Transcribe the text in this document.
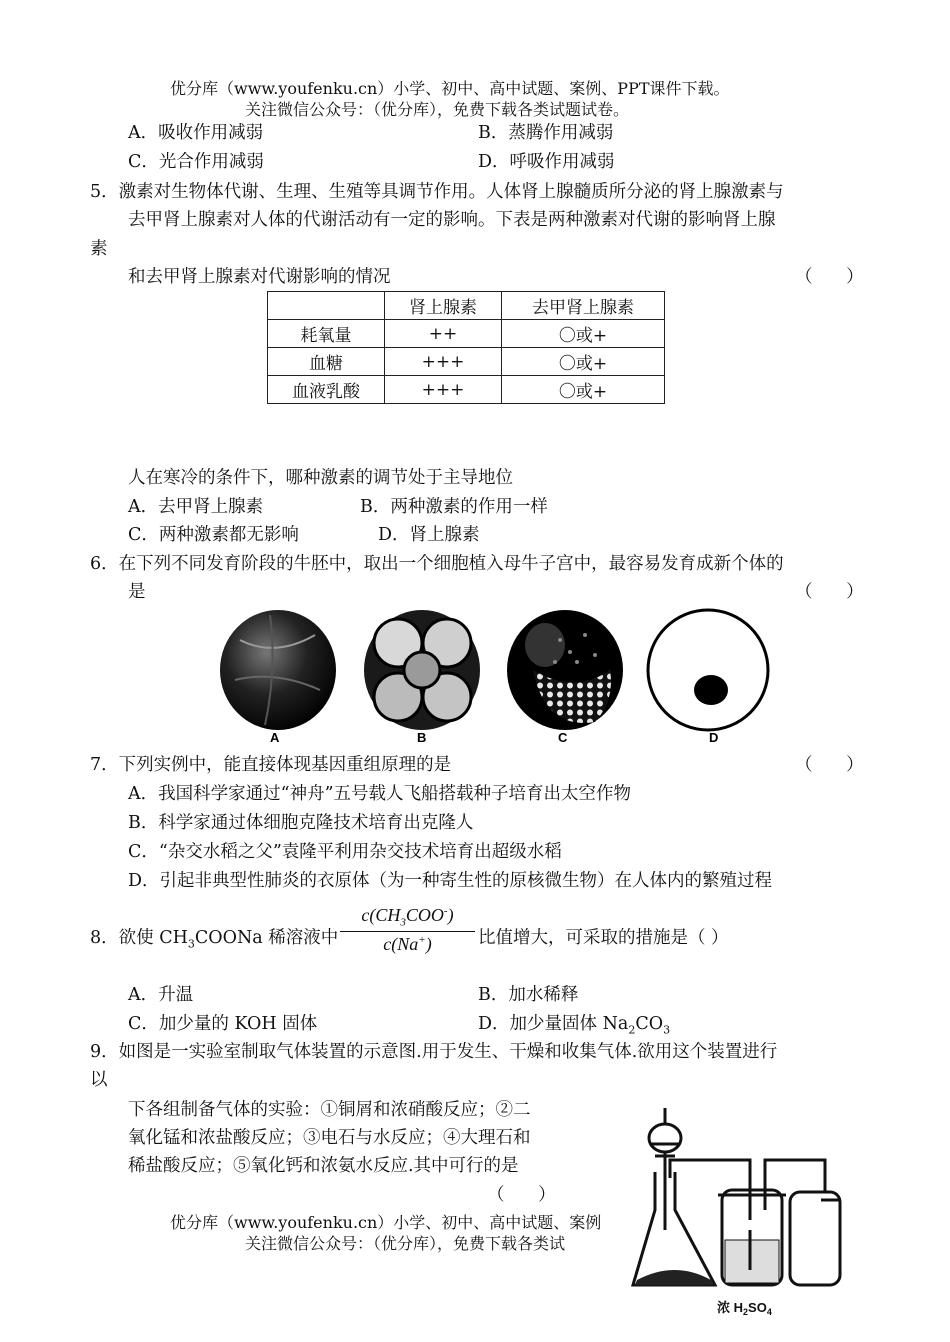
优分库（www.youfenku.cn）小学、初中、高中试题、案例、PPT课件下载。
关注微信公众号：（优分库），免费下载各类试题试卷。
A．吸收作用减弱	B．蒸腾作用减弱
C．光合作用减弱	D．呼吸作用减弱
5．激素对生物体代谢、生理、生殖等具调节作用。人体肾上腺髓质所分泌的肾上腺激素与
去甲肾上腺素对人体的代谢活动有一定的影响。下表是两种激素对代谢的影响肾上腺
素
和去甲肾上腺素对代谢影响的情况	（ ）
	肾上腺素	去甲肾上腺素
耗氧量	++	〇或+
血糖	+++	〇或+
血液乳酸	+++	〇或+
人在寒冷的条件下，哪种激素的调节处于主导地位
A．去甲肾上腺素	B．两种激素的作用一样
C．两种激素都无影响	D．肾上腺素
6．在下列不同发育阶段的牛胚中，取出一个细胞植入母牛子宫中，最容易发育成新个体的
是	（ ）
A	B	C	D
7．下列实例中，能直接体现基因重组原理的是	（ ）
A．我国科学家通过“神舟”五号载人飞船搭载种子培育出太空作物
B．科学家通过体细胞克隆技术培育出克隆人
C．“杂交水稻之父”袁隆平利用杂交技术培育出超级水稻
D．引起非典型性肺炎的衣原体（为一种寄生性的原核微生物）在人体内的繁殖过程
8．欲使 $CH_3COONa$ 稀溶液中
$c(CH_3COO^-)$
c(Na+)	比值增大，可采取的措施是（ ）
A．升温	B．加水稀释
C．加少量的 KOH 固体	D．加少量固体 $Na_2CO_3$
9．如图是一实验室制取气体装置的示意图.用于发生、干燥和收集气体.欲用这个装置进行
以
下各组制备气体的实验：①铜屑和浓硝酸反应；②二
氧化锰和浓盐酸反应；③电石与水反应；④大理石和
稀盐酸反应；⑤氧化钙和浓氨水反应.其中可行的是
（ ）
浓 $H_2SO_4$
优分库（www.youfenku.cn）小学、初中、高中试题、案例
关注微信公众号：（优分库），免费下载各类试
